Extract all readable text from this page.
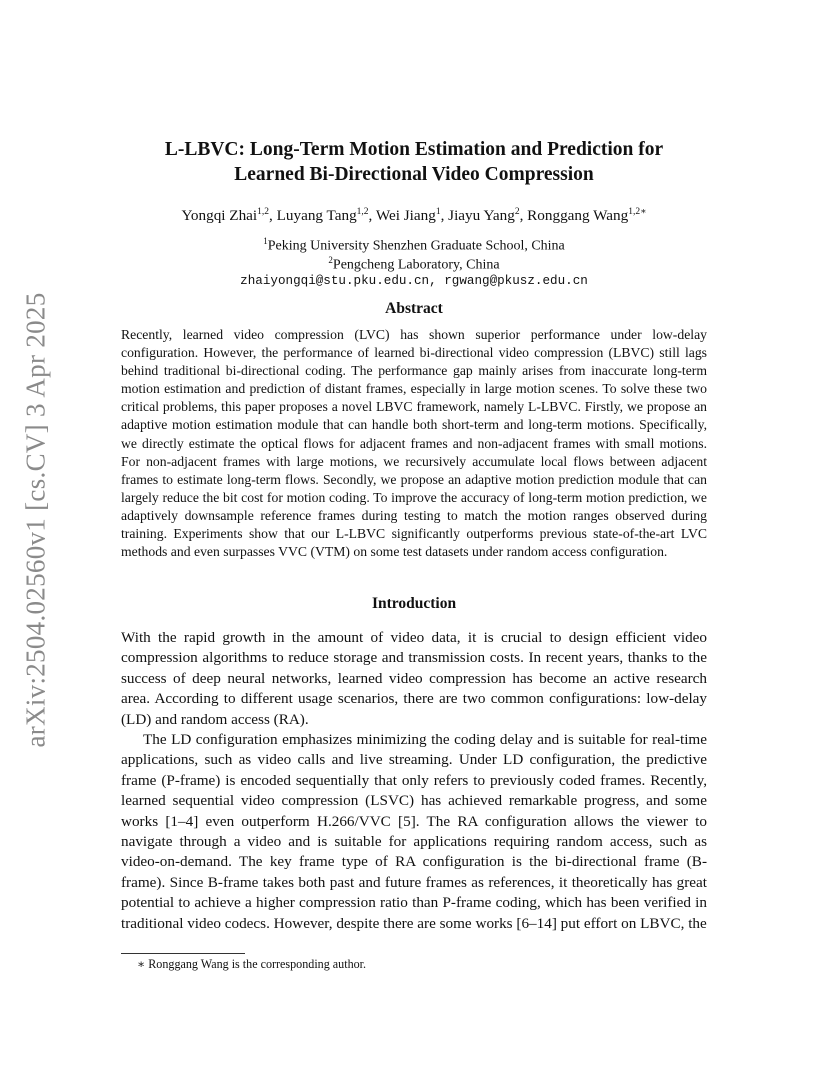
arXiv:2504.02560v1 [cs.CV] 3 Apr 2025
L-LBVC: Long-Term Motion Estimation and Prediction for
Learned Bi-Directional Video Compression
Yongqi Zhai$^{1,2}$, Luyang Tang$^{1,2}$, Wei Jiang$^1$, Jiayu Yang$^2$, Ronggang Wang$^{1,2∗}$
$^1$Peking University Shenzhen Graduate School, China
$^2$Pengcheng Laboratory, China
zhaiyongqi@stu.pku.edu.cn, rgwang@pkusz.edu.cn
Abstract

Recently, learned video compression (LVC) has shown superior performance under low-delay configuration. However, the performance of learned bi-directional video compression (LBVC) still lags behind traditional bi-directional coding. The performance gap mainly arises from inaccurate long-term motion estimation and prediction of distant frames, especially in large motion scenes. To solve these two critical problems, this paper proposes a novel LBVC framework, namely L-LBVC. Firstly, we propose an adaptive motion estimation module that can handle both short-term and long-term motions. Specifically, we directly estimate the optical flows for adjacent frames and non-adjacent frames with small motions. For non-adjacent frames with large motions, we recursively accumulate local flows between adjacent frames to estimate long-term flows. Secondly, we propose an adaptive motion prediction module that can largely reduce the bit cost for motion coding. To improve the accuracy of long-term motion prediction, we adaptively downsample reference frames during testing to match the motion ranges observed during training. Experiments show that our L-LBVC significantly outperforms previous state-of-the-art LVC methods and even surpasses VVC (VTM) on some test datasets under random access configuration.

Introduction

With the rapid growth in the amount of video data, it is crucial to design efficient video compression algorithms to reduce storage and transmission costs. In recent years, thanks to the success of deep neural networks, learned video compression has become an active research area. According to different usage scenarios, there are two common configurations: low-delay (LD) and random access (RA).

The LD configuration emphasizes minimizing the coding delay and is suitable for real-time applications, such as video calls and live streaming. Under LD configuration, the predictive frame (P-frame) is encoded sequentially that only refers to previously coded frames. Recently, learned sequential video compression (LSVC) has achieved remarkable progress, and some works [1–4] even outperform H.266/VVC [5]. The RA configuration allows the viewer to navigate through a video and is suitable for applications requiring random access, such as video-on-demand. The key frame type of RA configuration is the bi-directional frame (B-frame). Since B-frame takes both past and future frames as references, it theoretically has great potential to achieve a higher compression ratio than P-frame coding, which has been verified in traditional video codecs. However, despite there are some works [6–14] put effort on LBVC, the

∗ Ronggang Wang is the corresponding author.
